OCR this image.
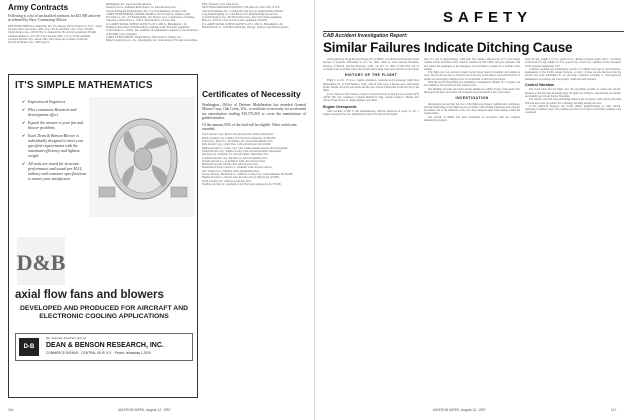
Army Contracts
Following is a list of unclassified contracts for $25,000 and over as released by Navy Contracting Offices:
KEYSTONE ERRENAL, Huntsville, Ala. U.S. Bureau, 200 W. Freeport St. N.Y. 7. Army tail parts, fabric and repairs, 1966, 19 ea., P.O.D. Available. Cites. 19 ea.: $75,620.
Liberty Radio Corp., 1456 W. Bay St. Jacksonville, Fla. Aircraft equipment, $75,600.
Chalmers-Daniel Co., P.O. Box 114, Lancaster, Ohio. 175 ea., P.O.D. Available.
Goodyear Aircraft Corp., Akron, Ohio. Unit, repair and overhaul of balloons.
Lincoln Air Brake Corp., 1466 Cape Dr.
Birmingham, Ala., Guard vacuum interface.
Western Coil Co., Industrial Road, Bristol, Va. Subcontracted work.
Stevens & Engraph Plating & Dyes, Pte. 174, Trap Machinery. Arcadia, Calif.
CORPS OF ENGINEERS, OMAHA DISTRICT, 215 Fortone St., Omaha 2, Neb.
The Wells Co., Inc., 475 Fleming Bldg., Des Moines, Iowa. Construction of facilities.
Chaudoin Construction Co., 1540 E. Sheridan Blvd., Lincoln, Neb.
U.S. ARMY SIGNAL SUPPLY AGENCY, 225 S. 18th St., Philadelphia 3, Pa.
Hallamore Electronics, 8352 Brookhurst, Anaheim, Calif. Electronic assemblies.
Collins Radio Co., Dallas, Tex. Assembly and maintenance required for the installation of AN/MRC radio equipment.
CORPS OF ENGINEERS, Mobile District, 2301 Grant St., Mobile, Ala.
Mineel Construction Co., Inc., Montgomery, Ala. Construction of Wooden test facilities.
Blvd., Houston 2, Tex. Tank tracks.
NEW YORK ORDNANCE DISTRICT, 180 Varick St., New York 14, N.Y.
Aircraft Armaments, Inc., Cockeysville, Md. Test set, guided missile, $39,410.
Long Island Lighting Co., Long Beach, N.Y. Manufacturing and services.
Loral Electronics Corp., 825 Bronx River Ave., New York. Radar equipment.
Mars Co., 2550 W. Canal St. Electrolytic equipment, $118,945.
U.S. ARMY SIGNAL SUPPLY AGENCY, 225 S. 18th St., Philadelphia 3, Pa.
Bell & Howell Co., 7100 McCormick Rd., Chicago. Camera, sound motion picture.
Certificates of Necessity
Washington—Office of Defense Mobilization has awarded General Motors Corp., Oak Creek, Wis., a certificate of necessity for accelerated tax amortization totaling $10,575,000 to cover the manufacture of guided missiles.
Of the amount, 65% of the total will be eligible. Other certificates awarded:
Vertol Aircraft Corp., Morton, Pa. Aircraft parts, military helicopters.
Bendix Aviation Corp., Sidney, N.Y. Electrical connectors, $1,083,000.
Textron Inc., Beech Co., Providence, R.I. Aircraft instruments, 65%.
Rohr Aircraft Corp., Chula Vista, Calif. Aircraft parts, $2,143,000.
Hughes Aircraft Co., Culver City, Calif. Guided missile research and development.
United Aircraft Corp., Windsor Locks, Conn. Aircraft propeller components.
The Siri Corp., Fairfield, N.J. Aircraft engine components, 65%.
Lockheed Aircraft Corp., Marietta, Ga. Aircraft assembly, 65%.
Douglas Aircraft Co., Long Beach, Calif. Aircraft electronics.
Beechcraft Aircraft, Wichita, Kan. Aircraft parts, 65%.
Robertshaw-Fulton Controls Co., Anaheim, Calif. Aircraft controls.
Dow Chemical Co., Midland, Mich. Magnesium alloys.
Dowser Devices, The Martin Co., Jefferson County, Colo. Guided missiles, $8,250,000.
Hughes Aircraft Co., Tucson, Ariz. Aircraft parts for military use, $74,800.
North Carolina, N.C. Defense production, 65%.
Northrop Aircraft, Inc., Anaheim, Calif. Electronic components, $1,573,000.
IT'S SIMPLE MATHEMATICS
✔ Experienced Engineers
✔ Plus continuous Research and development effort
✔ Equals the answer to your fan and blower problems
✔ Each Dean & Benson Blower is individually designed to meet your specified requirements with the maximum efficiency and lightest weight
✔ All units are tested for structure performance and sound per M.I.L. military and customer specifications to assure your satisfaction
D&B
axial flow fans and blowers
DEVELOPED AND PRODUCED FOR AIRCRAFT AND ELECTRONIC COOLING APPLICATIONS
D-B
We welcome inquiries sent to:
DEAN & BENSON RESEARCH, INC.
COMMERCE AVENUE · CENTRAL ISLIP, N.Y. · Phone: Islandway 1-2000
116	AVIATION WEEK, August 12, 1957
SAFETY
CAB Accident Investigation Report:
Similar Failures Indicate Ditching Cause

A Pan American World Airways Boeing 377, N 90943, was ditched in the Pacific Ocean because of propeller difficulties on Oct. 16, 1956, while en route between Honolulu, Territory of Hawaii, and San Francisco, Calif., via Oct. 15, 1956, at 0615 PST. All 31 occupants were evacuated safely; the aircraft sank in deep water and could not be recovered.

HISTORY OF THE FLIGHT

Flight 6 of Oct. 15 was a regular scheduled, round-the-world passenger flight from Philadelphia, Pa., to San Francisco, Calif., with en route stops at Europe, Asia, and various Pacific islands. All stops were made and the crew arrived at Honolulu on the last day of the flight.

It was cleared to San Francisco Airport via Ocean Airway 9, then track to position 30°N 140°W. The crew consisted of Captain Richard N. Ogg, Captain George L. Haaker, first officer; Frank Garcia, Jr., flight engineer; and others.

Engine Overspeeds

After reaching 21,000 ft. and simultaneously with the reduction of power for No. 1 engine overspeed, the crew immediately reduced the rpm of that engine.

tude of a rate of approximately 1,000 fpm. The captain contacted the U.S. Coast Guard weather station November 4102, which is stationed at 30N 140W, and gave assistance. He also alerted the passengers to the emergency and told them to prepare for a possible water landing.

The flight crew was advised to head toward Ocean Station November and remain on track. The aircraft was able to check its rate of descent. At this time it was noticed that No. 4 engine was developing a higher power. It was decided to ditch near the station.

With the aircraft descending and attempting to maintain its altitude, No. 4 engine was also feathered. The aircraft had only partial power.

The ditching was made after dawn and the landing was within 35 deg. of the swells. The fuselage broke apart and settled. All occupants were evacuated by the Coast Guard.

INVESTIGATION

Investigation showed that the crew of the flight was properly qualified and certificated, and that Dispatching of the flight was in accordance with existing regulations and company procedures. All of the members of the crew had completed their latest training within the required time.

The aircraft, N 90943, had been maintained in accordance with the company maintenance program.

hours 30 deg., height 5 to 6 ft., speed 24 kt., distance between swells 150 ft.; secondary swells from 170 deg., height 5 to 8 ft., speed 10 kt.; wind 11 kt.; visibility 10 mi.; barometer 30.26; seawater temperature 74 F.

Complete overhaul and maintenance records of N 90943 were kept at San Francisco, headquarters of the Pacific-Alaska Division. A study of these records disclosed that the aircraft had been maintained in an airworthy condition according to CAA-approved maintenance procedures, and was properly certificated and operated.

Control Vibration

The board finds that the flight crew did everything possible to control the aircraft. Because of vibration and increasing drag, the flight was obliged to descend and was ditched successfully near Ocean Station November.

The captain, who had been performing duties at the navigator's table, had by this time followed the proper procedures for a ditching, including alerting the crew.

A Pan American inspector also found similar malfunctioning on other aircraft, indicating a common cause. The propeller governor was found to have failed, leading to the overspeed.

AVIATION WEEK, August 12, 1957	117
